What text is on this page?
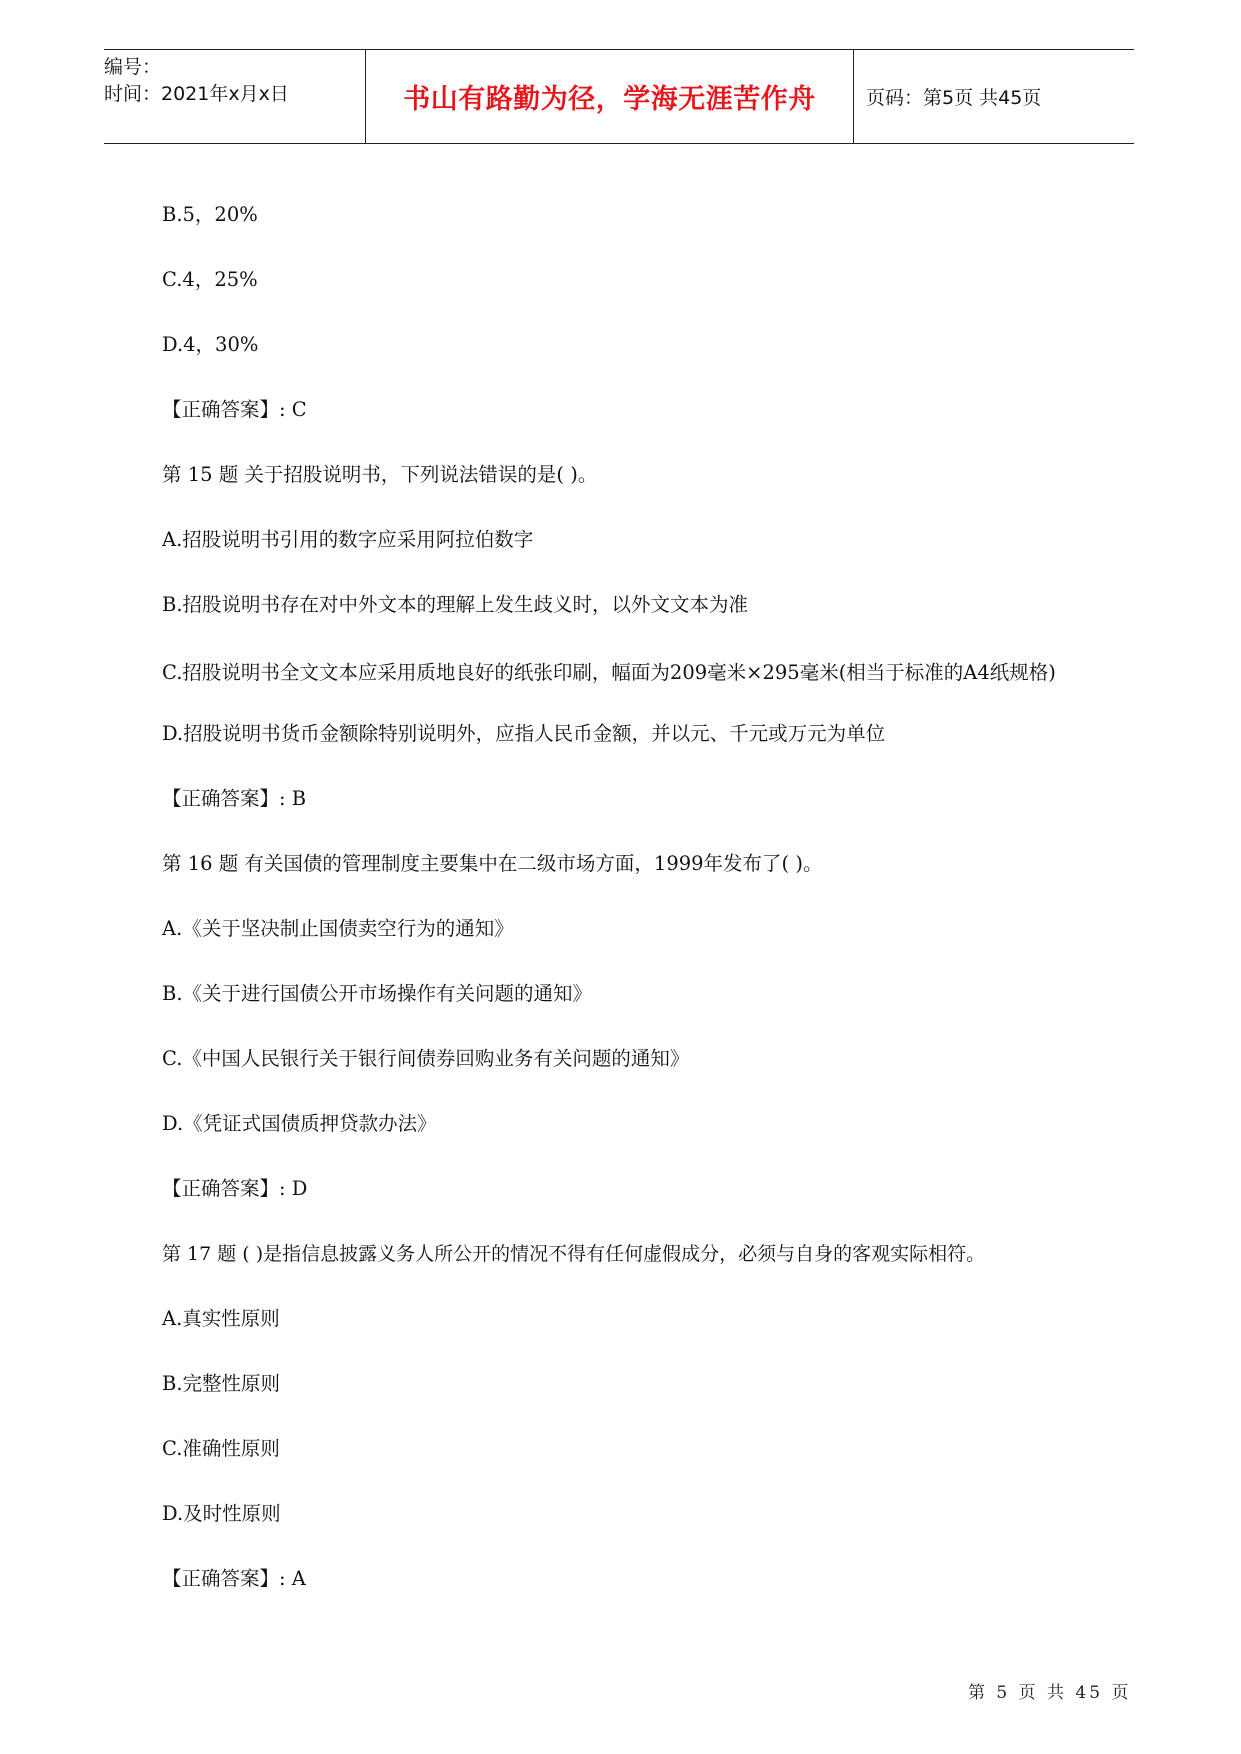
编号：
时间：2021年x月x日	书山有路勤为径，学海无涯苦作舟	页码：第5页 共45页

B.5，20%

C.4，25%

D.4，30%

【正确答案】: C

第 15 题 关于招股说明书，下列说法错误的是( )。

A.招股说明书引用的数字应采用阿拉伯数字

B.招股说明书存在对中外文本的理解上发生歧义时，以外文文本为准

C.招股说明书全文文本应采用质地良好的纸张印刷，幅面为209毫米×295毫米(相当于标准的A4纸规格)

D.招股说明书货币金额除特别说明外，应指人民币金额，并以元、千元或万元为单位

【正确答案】: B

第 16 题 有关国债的管理制度主要集中在二级市场方面，1999年发布了( )。

A.《关于坚决制止国债卖空行为的通知》

B.《关于进行国债公开市场操作有关问题的通知》

C.《中国人民银行关于银行间债券回购业务有关问题的通知》

D.《凭证式国债质押贷款办法》

【正确答案】: D

第 17 题 ( )是指信息披露义务人所公开的情况不得有任何虚假成分，必须与自身的客观实际相符。

A.真实性原则

B.完整性原则

C.准确性原则

D.及时性原则

【正确答案】: A

第 5 页 共 45 页
